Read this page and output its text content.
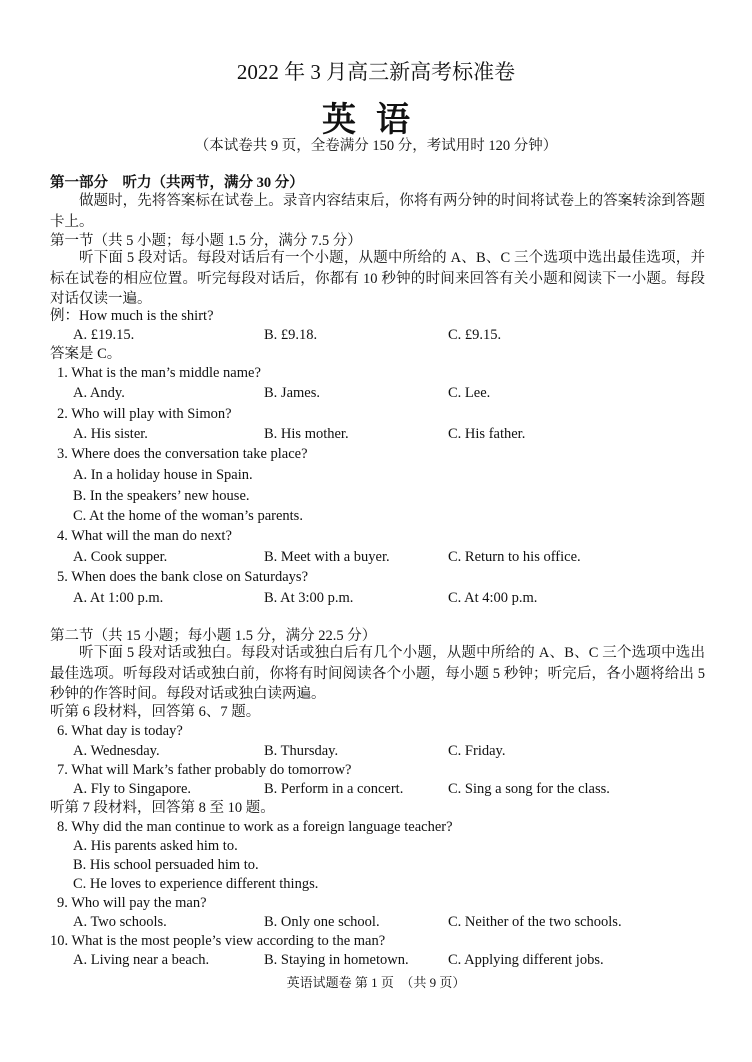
2022 年 3 月高三新高考标准卷
英语
（本试卷共 9 页，全卷满分 150 分，考试用时 120 分钟）
第一部分　听力（共两节，满分 30 分）
做题时，先将答案标在试卷上。录音内容结束后，你将有两分钟的时间将试卷上的答案转涂到答题卡上。
第一节（共 5 小题；每小题 1.5 分，满分 7.5 分）
听下面 5 段对话。每段对话后有一个小题，从题中所给的 A、B、C 三个选项中选出最佳选项，并标在试卷的相应位置。听完每段对话后，你都有 10 秒钟的时间来回答有关小题和阅读下一小题。每段对话仅读一遍。
例：How much is the shirt?
A. £19.15.	B. £9.18.	C. £9.15.
答案是 C。
1. What is the man’s middle name?
A. Andy.	B. James.	C. Lee.
2. Who will play with Simon?
A. His sister.	B. His mother.	C. His father.
3. Where does the conversation take place?
A. In a holiday house in Spain.
B. In the speakers’ new house.
C. At the home of the woman’s parents.
4. What will the man do next?
A. Cook supper.	B. Meet with a buyer.	C. Return to his office.
5. When does the bank close on Saturdays?
A. At 1:00 p.m.	B. At 3:00 p.m.	C. At 4:00 p.m.
第二节（共 15 小题；每小题 1.5 分，满分 22.5 分）
听下面 5 段对话或独白。每段对话或独白后有几个小题，从题中所给的 A、B、C 三个选项中选出最佳选项。听每段对话或独白前，你将有时间阅读各个小题，每小题 5 秒钟；听完后，各小题将给出 5 秒钟的作答时间。每段对话或独白读两遍。
听第 6 段材料，回答第 6、7 题。
6. What day is today?
A. Wednesday.	B. Thursday.	C. Friday.
7. What will Mark’s father probably do tomorrow?
A. Fly to Singapore.	B. Perform in a concert.	C. Sing a song for the class.
听第 7 段材料，回答第 8 至 10 题。
8. Why did the man continue to work as a foreign language teacher?
A. His parents asked him to.
B. His school persuaded him to.
C. He loves to experience different things.
9. Who will pay the man?
A. Two schools.	B. Only one school.	C. Neither of the two schools.
10. What is the most people’s view according to the man?
A. Living near a beach.	B. Staying in hometown.	C. Applying different jobs.
英语试题卷 第 1 页　（共 9 页）
